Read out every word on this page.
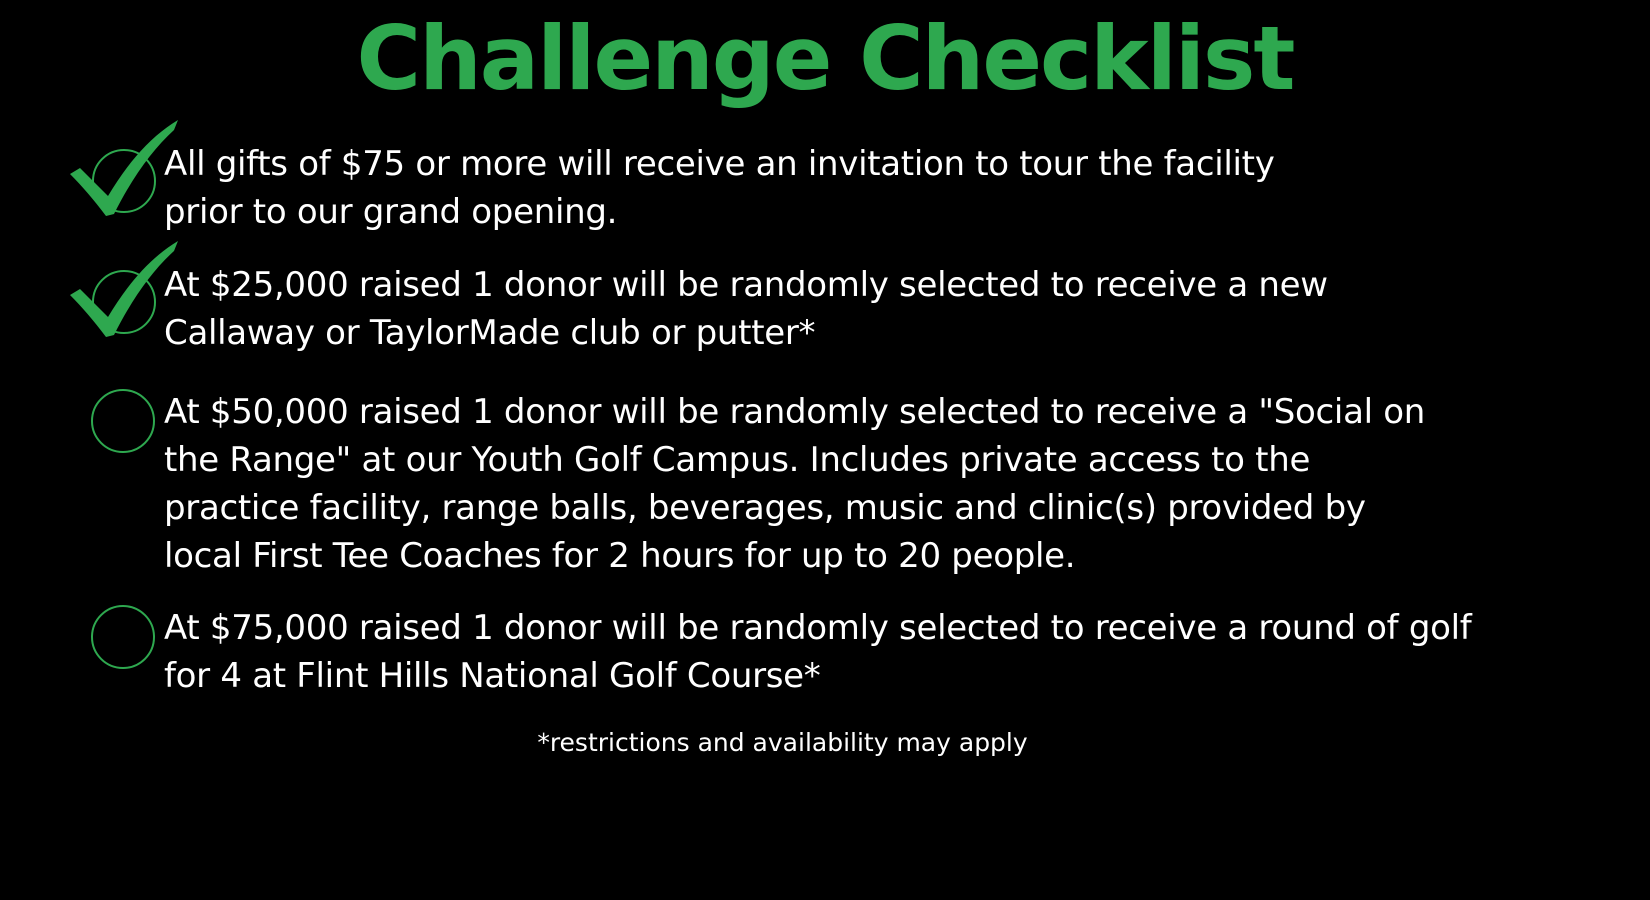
Challenge Checklist
All gifts of $75 or more will receive an invitation to tour the facility
prior to our grand opening.
At $25,000 raised 1 donor will be randomly selected to receive a new
Callaway or TaylorMade club or putter*
At $50,000 raised 1 donor will be randomly selected to receive a "Social on
the Range" at our Youth Golf Campus. Includes private access to the
practice facility, range balls, beverages, music and clinic(s) provided by
local First Tee Coaches for 2 hours for up to 20 people.
At $75,000 raised 1 donor will be randomly selected to receive a round of golf
for 4 at Flint Hills National Golf Course*
*restrictions and availability may apply
